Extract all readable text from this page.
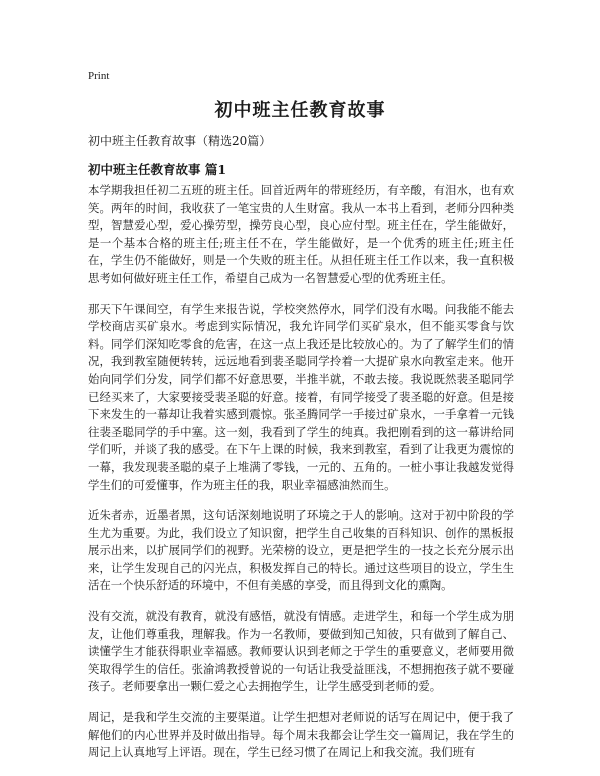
Print
初中班主任教育故事

初中班主任教育故事（精选20篇）

初中班主任教育故事 篇1

本学期我担任初二五班的班主任。回首近两年的带班经历，有辛酸，有泪水，也有欢笑。两年的时间，我收获了一笔宝贵的人生财富。我从一本书上看到，老师分四种类型，智慧爱心型，爱心操劳型，操劳良心型，良心应付型。班主任在，学生能做好，是一个基本合格的班主任;班主任不在，学生能做好，是一个优秀的班主任;班主任在，学生仍不能做好，则是一个失败的班主任。从担任班主任工作以来，我一直积极思考如何做好班主任工作，希望自己成为一名智慧爱心型的优秀班主任。

那天下午课间空，有学生来报告说，学校突然停水，同学们没有水喝。问我能不能去学校商店买矿泉水。考虑到实际情况，我允许同学们买矿泉水，但不能买零食与饮料。同学们深知吃零食的危害，在这一点上我还是比较放心的。为了了解学生们的情况，我到教室随便转转，远远地看到裴圣聪同学拎着一大提矿泉水向教室走来。他开始向同学们分发，同学们都不好意思要，半推半就，不敢去接。我说既然裴圣聪同学已经买来了，大家要接受裴圣聪的好意。接着，有同学接受了裴圣聪的好意。但是接下来发生的一幕却让我着实感到震惊。张圣腾同学一手接过矿泉水，一手拿着一元钱往裴圣聪同学的手中塞。这一刻，我看到了学生的纯真。我把刚看到的这一幕讲给同学们听，并谈了我的感受。在下午上课的时候，我来到教室，看到了让我更为震惊的一幕，我发现裴圣聪的桌子上堆满了零钱，一元的、五角的。一桩小事让我越发觉得学生们的可爱懂事，作为班主任的我，职业幸福感油然而生。

近朱者赤，近墨者黑，这句话深刻地说明了环境之于人的影响。这对于初中阶段的学生尤为重要。为此，我们设立了知识窗，把学生自己收集的百科知识、创作的黑板报展示出来，以扩展同学们的视野。光荣榜的设立，更是把学生的一技之长充分展示出来，让学生发现自己的闪光点，积极发挥自己的特长。通过这些项目的设立，学生生活在一个快乐舒适的环境中，不但有美感的享受，而且得到文化的熏陶。

没有交流，就没有教育，就没有感悟，就没有情感。走进学生，和每一个学生成为朋友，让他们尊重我，理解我。作为一名教师，要做到知己知彼，只有做到了解自己、读懂学生才能获得职业幸福感。教师要认识到老师之于学生的重要意义，老师要用微笑取得学生的信任。张渝鸿教授曾说的一句话让我受益匪浅，不想拥抱孩子就不要碰孩子。老师要拿出一颗仁爱之心去拥抱学生，让学生感受到老师的爱。

周记，是我和学生交流的主要渠道。让学生把想对老师说的话写在周记中，便于我了解他们的内心世界并及时做出指导。每个周末我都会让学生交一篇周记，我在学生的周记上认真地写上评语。现在，学生已经习惯了在周记上和我交流。我们班有
